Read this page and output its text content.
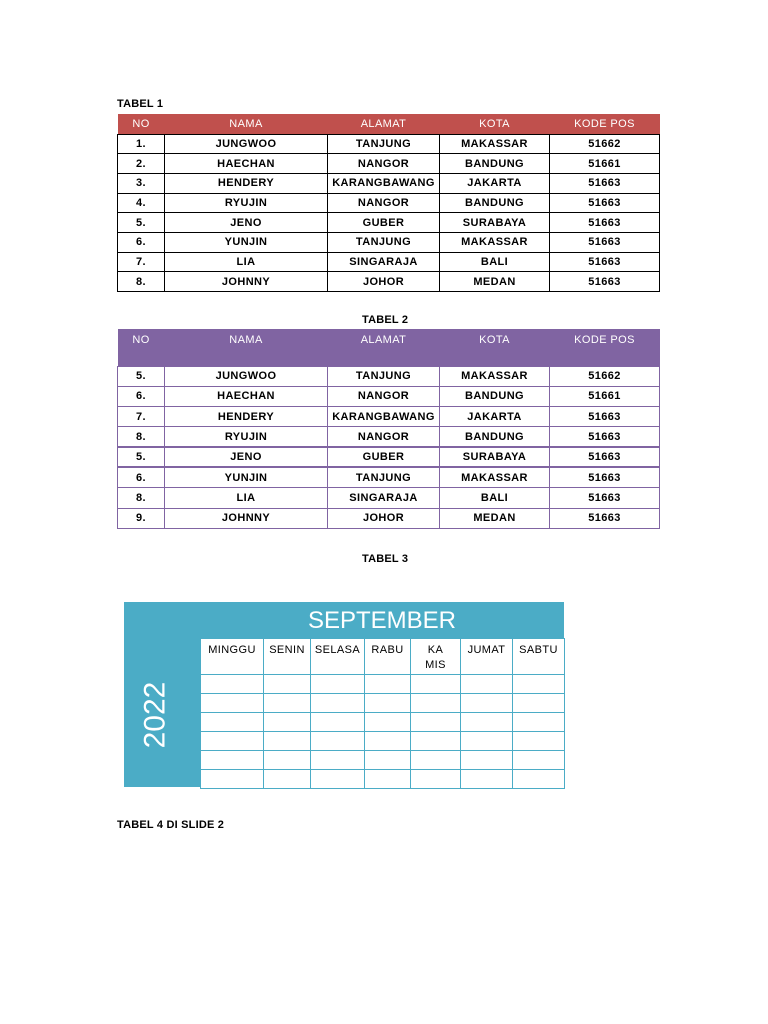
TABEL 1
NO	NAMA	ALAMAT	KOTA	KODE POS
1.	JUNGWOO	TANJUNG	MAKASSAR	51662
2.	HAECHAN	NANGOR	BANDUNG	51661
3.	HENDERY	KARANGBAWANG	JAKARTA	51663
4.	RYUJIN	NANGOR	BANDUNG	51663
5.	JENO	GUBER	SURABAYA	51663
6.	YUNJIN	TANJUNG	MAKASSAR	51663
7.	LIA	SINGARAJA	BALI	51663
8.	JOHNNY	JOHOR	MEDAN	51663
TABEL 2
NO	NAMA	ALAMAT	KOTA	KODE POS
5.	JUNGWOO	TANJUNG	MAKASSAR	51662
6.	HAECHAN	NANGOR	BANDUNG	51661
7.	HENDERY	KARANGBAWANG	JAKARTA	51663
8.	RYUJIN	NANGOR	BANDUNG	51663
5.	JENO	GUBER	SURABAYA	51663
6.	YUNJIN	TANJUNG	MAKASSAR	51663
8.	LIA	SINGARAJA	BALI	51663
9.	JOHNNY	JOHOR	MEDAN	51663
TABEL 3
SEPTEMBER
2022
MINGGU	SENIN	SELASA	RABU	KAMIS	JUMAT	SABTU

TABEL 4 DI SLIDE 2
